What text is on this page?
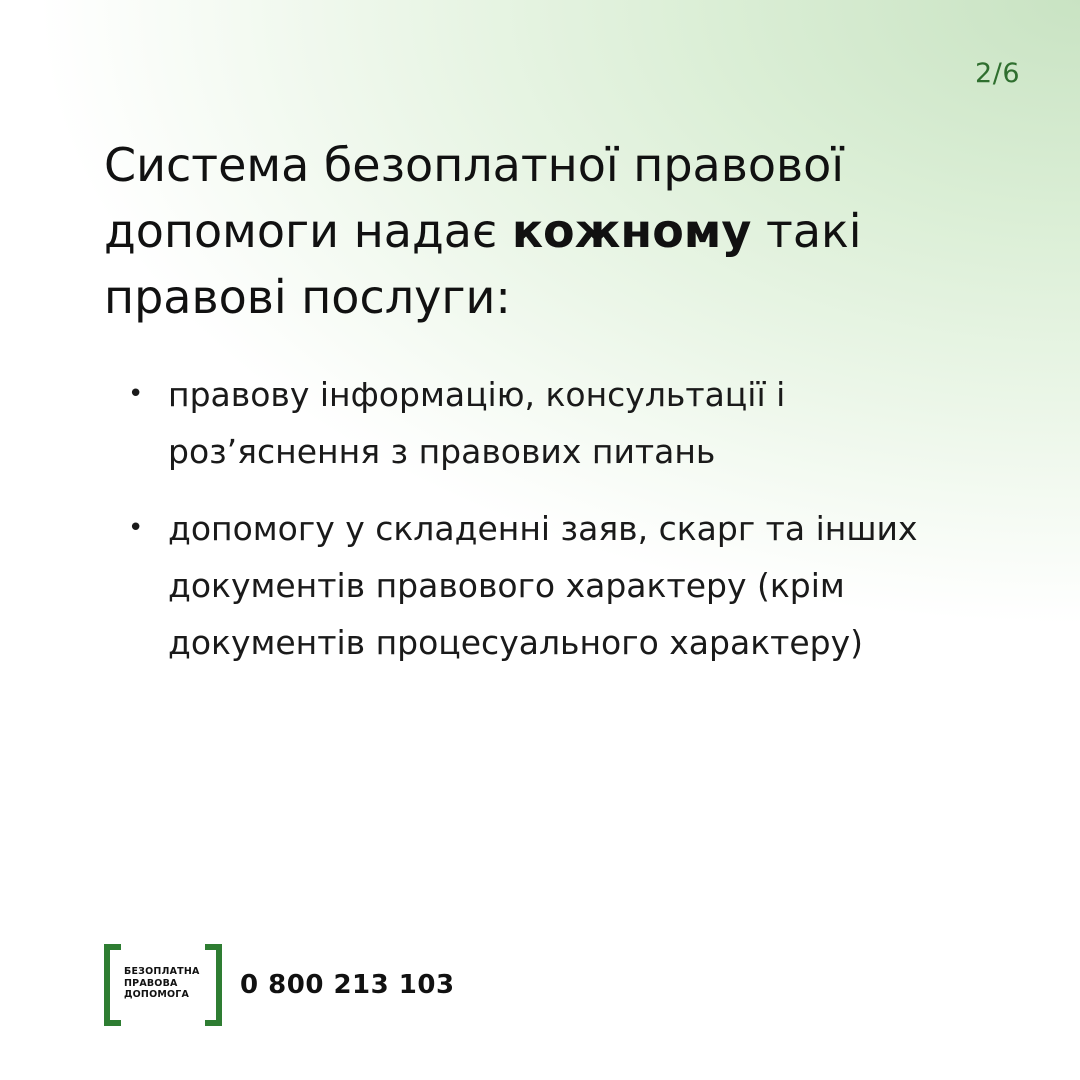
2/6
Система безоплатної правової допомоги надає кожному такі правові послуги:
• правову інформацію, консультації і роз’яснення з правових питань
• допомогу у складенні заяв, скарг та інших документів правового характеру (крім документів процесуального характеру)
БЕЗОПЛАТНА
ПРАВОВА
ДОПОМОГА	0 800 213 103
